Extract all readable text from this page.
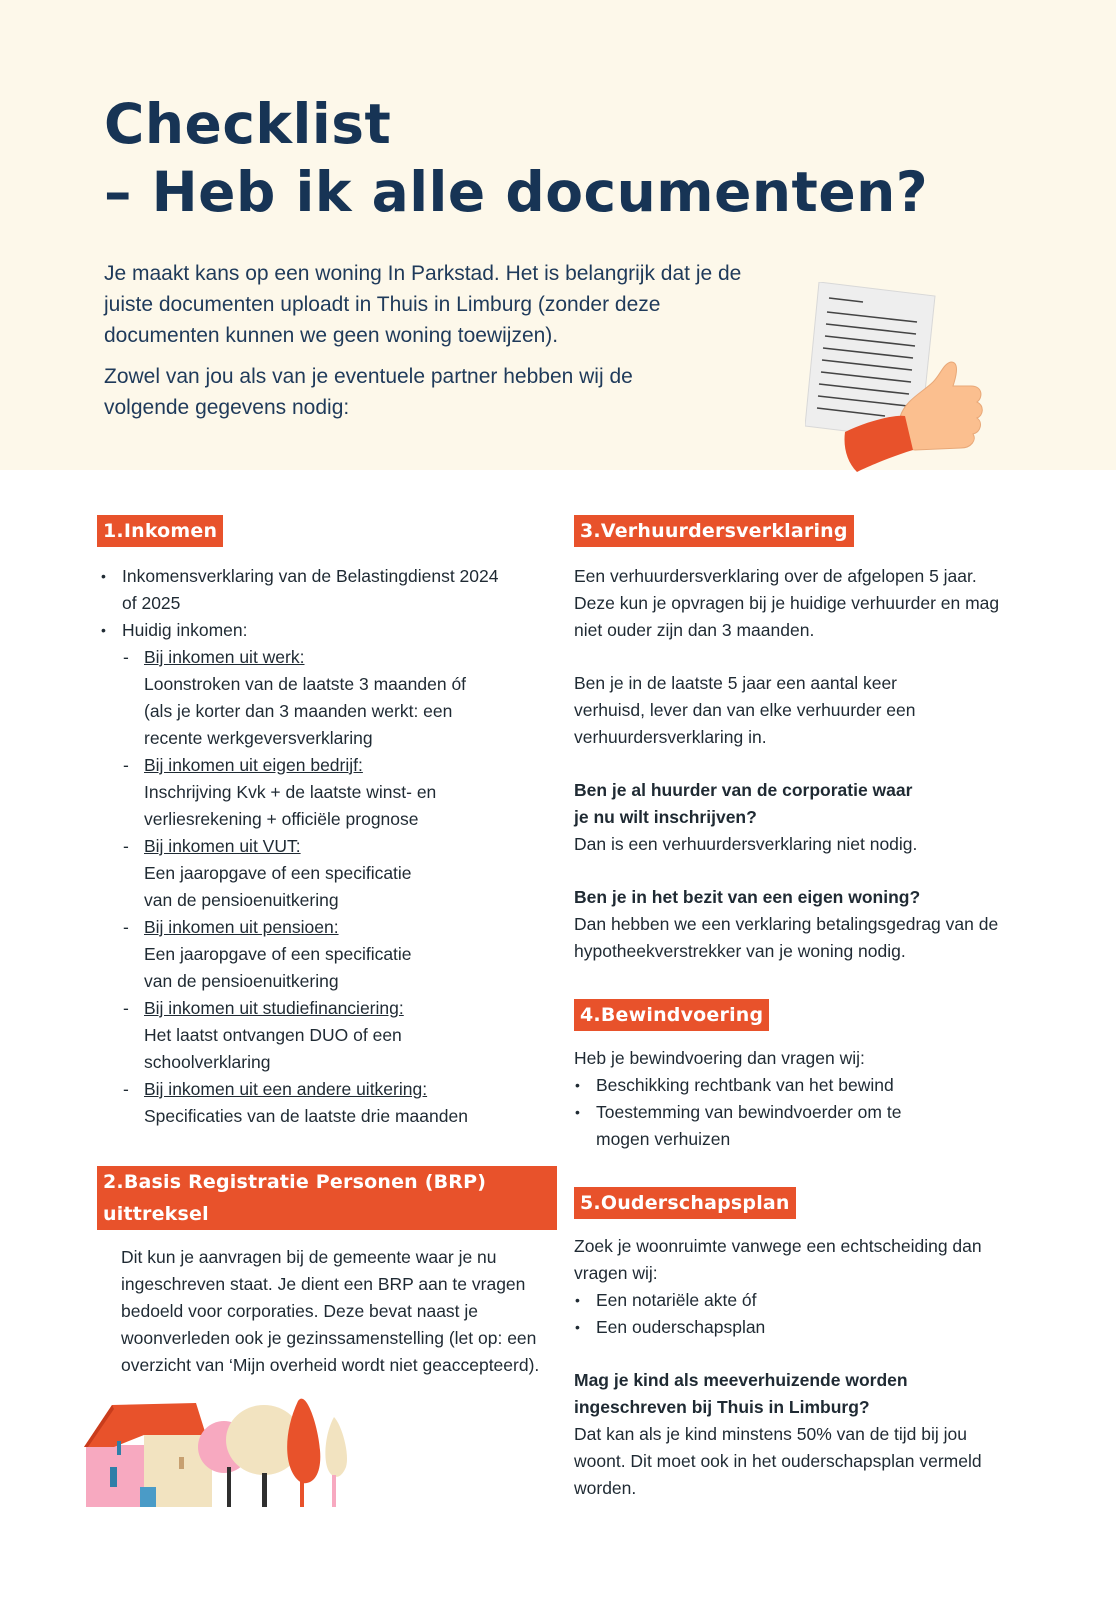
Checklist
– Heb ik alle documenten?

Je maakt kans op een woning In Parkstad. Het is belangrijk dat je de juiste documenten uploadt in Thuis in Limburg (zonder deze documenten kunnen we geen woning toewijzen).

Zowel van jou als van je eventuele partner hebben wij de volgende gegevens nodig:

1.Inkomen
• Inkomensverklaring van de Belastingdienst 2024 of 2025
• Huidig inkomen:
- Bij inkomen uit werk:
Loonstroken van de laatste 3 maanden óf (als je korter dan 3 maanden werkt: een recente werkgeversverklaring
- Bij inkomen uit eigen bedrijf:
Inschrijving Kvk + de laatste winst- en verliesrekening + officiële prognose
- Bij inkomen uit VUT:
Een jaaropgave of een specificatie van de pensioenuitkering
- Bij inkomen uit pensioen:
Een jaaropgave of een specificatie van de pensioenuitkering
- Bij inkomen uit studiefinanciering:
Het laatst ontvangen DUO of een schoolverklaring
- Bij inkomen uit een andere uitkering:
Specificaties van de laatste drie maanden
2.Basis Registratie Personen (BRP) uittreksel

Dit kun je aanvragen bij de gemeente waar je nu ingeschreven staat. Je dient een BRP aan te vragen bedoeld voor corporaties. Deze bevat naast je woonverleden ook je gezinssamenstelling (let op: een overzicht van ‘Mijn overheid wordt niet geaccepteerd).

3.Verhuurdersverklaring

Een verhuurdersverklaring over de afgelopen 5 jaar. Deze kun je opvragen bij je huidige verhuurder en mag niet ouder zijn dan 3 maanden.

Ben je in de laatste 5 jaar een aantal keer verhuisd, lever dan van elke verhuurder een verhuurdersverklaring in.

Ben je al huurder van de corporatie waar je nu wilt inschrijven?

Dan is een verhuurdersverklaring niet nodig.

Ben je in het bezit van een eigen woning?

Dan hebben we een verklaring betalingsgedrag van de hypotheekverstrekker van je woning nodig.

4.Bewindvoering

Heb je bewindvoering dan vragen wij:

• Beschikking rechtbank van het bewind
• Toestemming van bewindvoerder om te mogen verhuizen
5.Ouderschapsplan

Zoek je woonruimte vanwege een echtscheiding dan vragen wij:

• Een notariële akte óf
• Een ouderschapsplan

Mag je kind als meeverhuizende worden ingeschreven bij Thuis in Limburg?

Dat kan als je kind minstens 50% van de tijd bij jou woont. Dit moet ook in het ouderschapsplan vermeld worden.
